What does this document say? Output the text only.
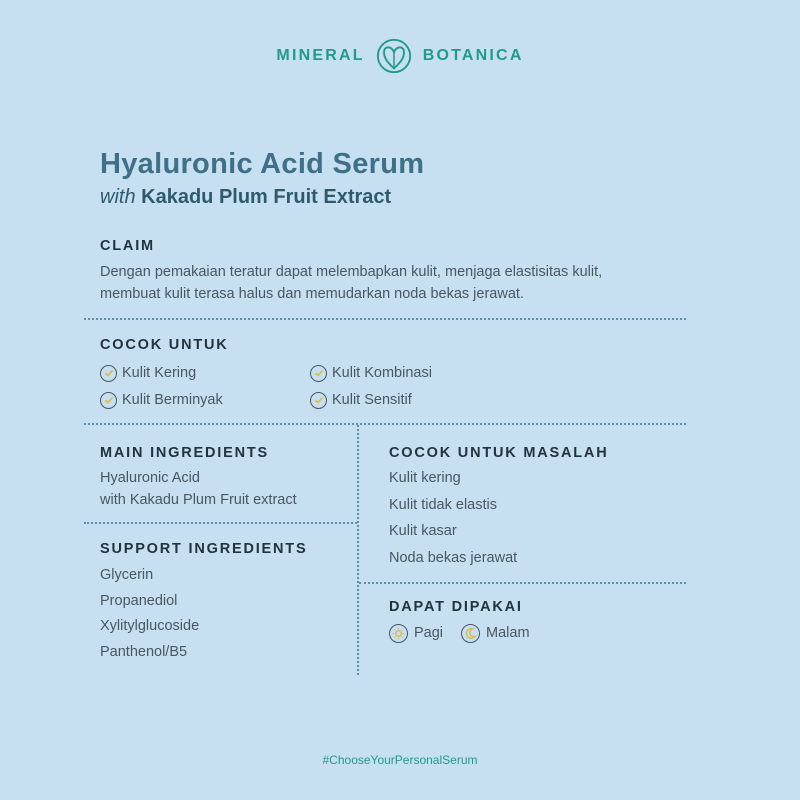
MINERAL	BOTANICA
Hyaluronic Acid Serum
with Kakadu Plum Fruit Extract
CLAIM
Dengan pemakaian teratur dapat melembapkan kulit, menjaga elastisitas kulit,
membuat kulit terasa halus dan memudarkan noda bekas jerawat.
COCOK UNTUK
Kulit Kering	Kulit Kombinasi
Kulit Berminyak	Kulit Sensitif
MAIN INGREDIENTS
Hyaluronic Acid
with Kakadu Plum Fruit extract
SUPPORT INGREDIENTS
Glycerin
Propanediol
Xylitylglucoside
Panthenol/B5
COCOK UNTUK MASALAH
Kulit kering
Kulit tidak elastis
Kulit kasar
Noda bekas jerawat
DAPAT DIPAKAI
Pagi	Malam
#ChooseYourPersonalSerum
